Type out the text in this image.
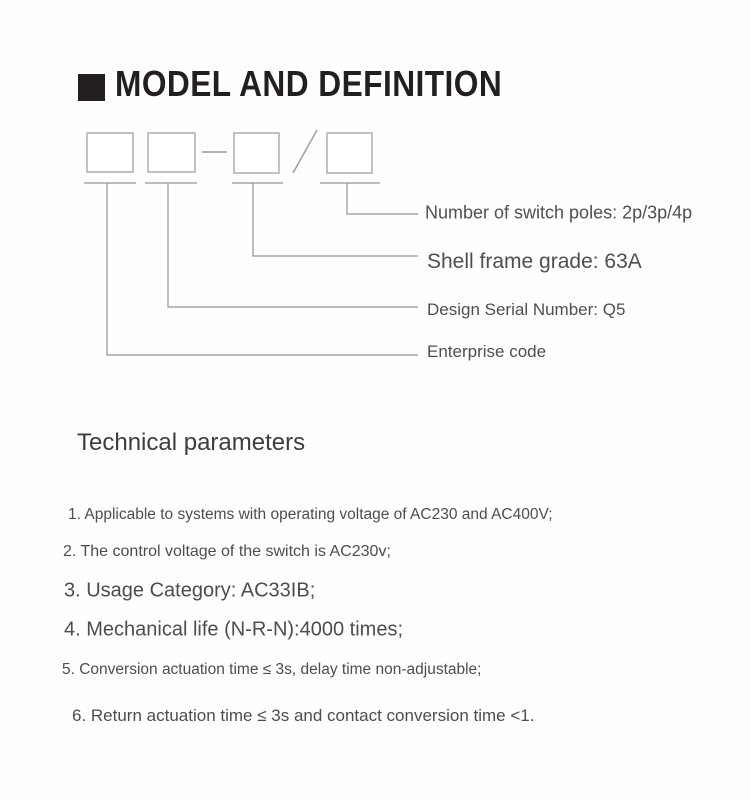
MODEL AND DEFINITION
Number of switch poles: 2p/3p/4p
Shell frame grade: 63A
Design Serial Number: Q5
Enterprise code
Technical parameters
1. Applicable to systems with operating voltage of AC230 and AC400V;
2. The control voltage of the switch is AC230v;
3. Usage Category: AC33IB;
4. Mechanical life (N-R-N):4000 times;
5. Conversion actuation time ≤ 3s, delay time non-adjustable;
6. Return actuation time ≤ 3s and contact conversion time <1.
